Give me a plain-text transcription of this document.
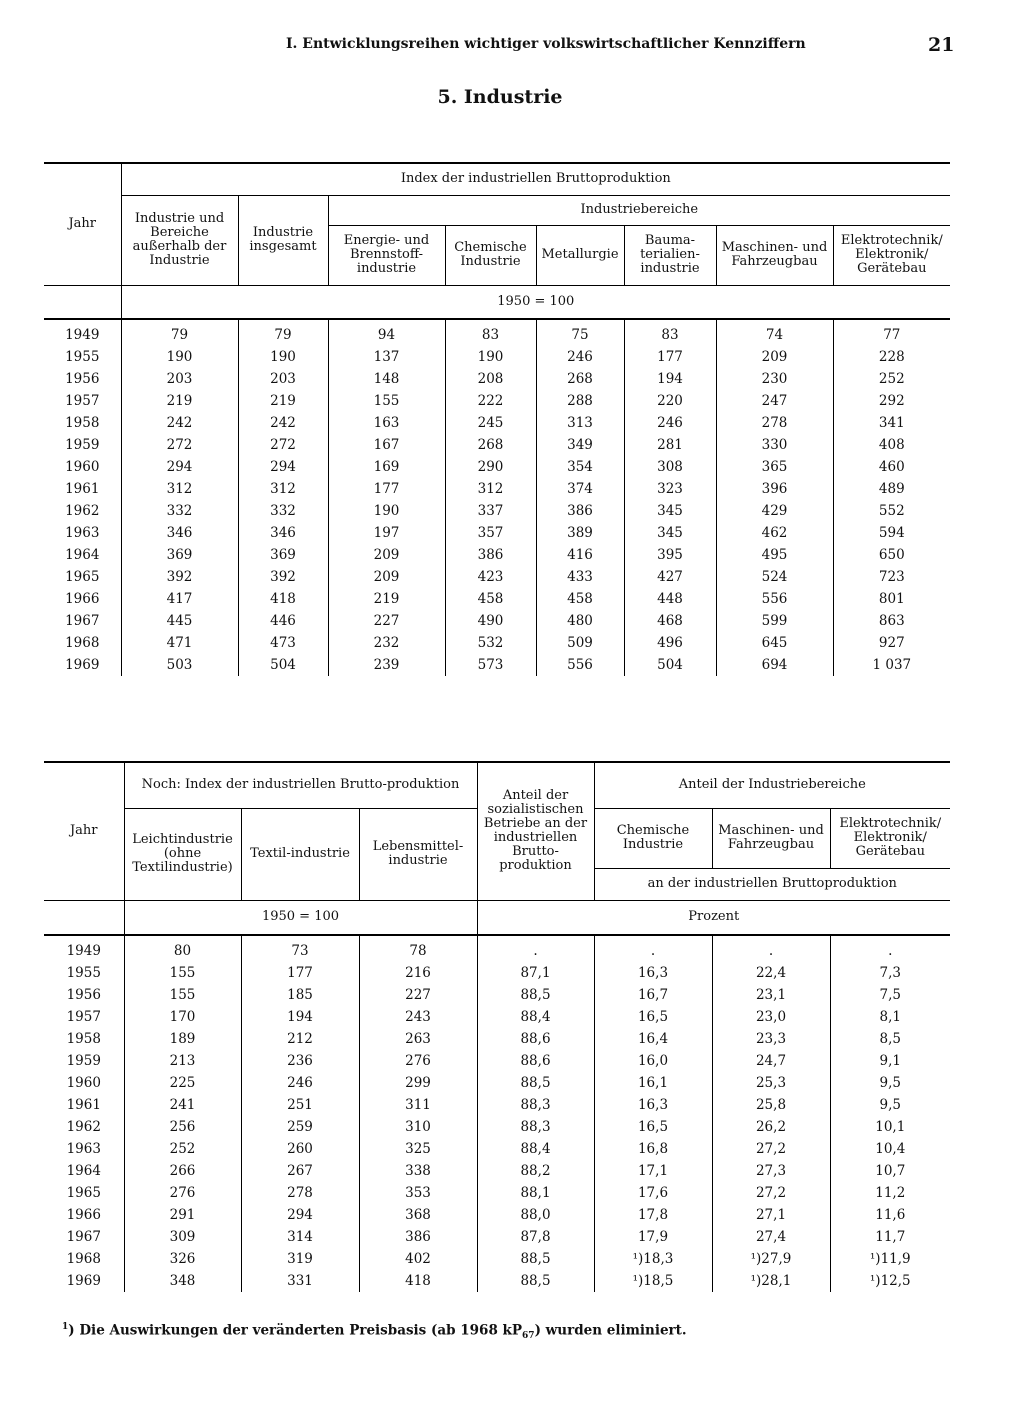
I. Entwicklungsreihen wichtiger volkswirtschaftlicher Kennziffern	21
5. Industrie
Jahr	Index der industriellen Bruttoproduktion							
	Industrie und Bereiche außerhalb der Industrie	Industrie insgesamt	Industriebereiche					
			Energie- und Brennstoff-industrie	Chemische Industrie	Metallurgie	Bauma-terialien-industrie	Maschinen- und Fahrzeugbau	Elektrotechnik/ Elektronik/ Gerätebau
	1950 = 100							
1949	79	79	94	83	75	83	74	77
1955	190	190	137	190	246	177	209	228
1956	203	203	148	208	268	194	230	252
1957	219	219	155	222	288	220	247	292
1958	242	242	163	245	313	246	278	341
1959	272	272	167	268	349	281	330	408
1960	294	294	169	290	354	308	365	460
1961	312	312	177	312	374	323	396	489
1962	332	332	190	337	386	345	429	552
1963	346	346	197	357	389	345	462	594
1964	369	369	209	386	416	395	495	650
1965	392	392	209	423	433	427	524	723
1966	417	418	219	458	458	448	556	801
1967	445	446	227	490	480	468	599	863
1968	471	473	232	532	509	496	645	927
1969	503	504	239	573	556	504	694	1 037
Jahr	Noch: Index der industriellen Brutto-produktion			Anteil der sozialistischen Betriebe an der industriellen Brutto-produktion	Anteil der Industriebereiche		
	Leichtindustrie (ohne Textilindustrie)	Textil-industrie	Lebensmittel-industrie		Chemische Industrie	Maschinen- und Fahrzeugbau	Elektrotechnik/ Elektronik/ Gerätebau
					an der industriellen Bruttoproduktion		
	1950 = 100			Prozent			
1949	80	73	78	.	.	.	.
1955	155	177	216	87,1	16,3	22,4	7,3
1956	155	185	227	88,5	16,7	23,1	7,5
1957	170	194	243	88,4	16,5	23,0	8,1
1958	189	212	263	88,6	16,4	23,3	8,5
1959	213	236	276	88,6	16,0	24,7	9,1
1960	225	246	299	88,5	16,1	25,3	9,5
1961	241	251	311	88,3	16,3	25,8	9,5
1962	256	259	310	88,3	16,5	26,2	10,1
1963	252	260	325	88,4	16,8	27,2	10,4
1964	266	267	338	88,2	17,1	27,3	10,7
1965	276	278	353	88,1	17,6	27,2	11,2
1966	291	294	368	88,0	17,8	27,1	11,6
1967	309	314	386	87,8	17,9	27,4	11,7
1968	326	319	402	88,5	¹)18,3	¹)27,9	¹)11,9
1969	348	331	418	88,5	¹)18,5	¹)28,1	¹)12,5
$^1$) Die Auswirkungen der veränderten Preisbasis (ab 1968 $kP_{67}$) wurden eliminiert.
